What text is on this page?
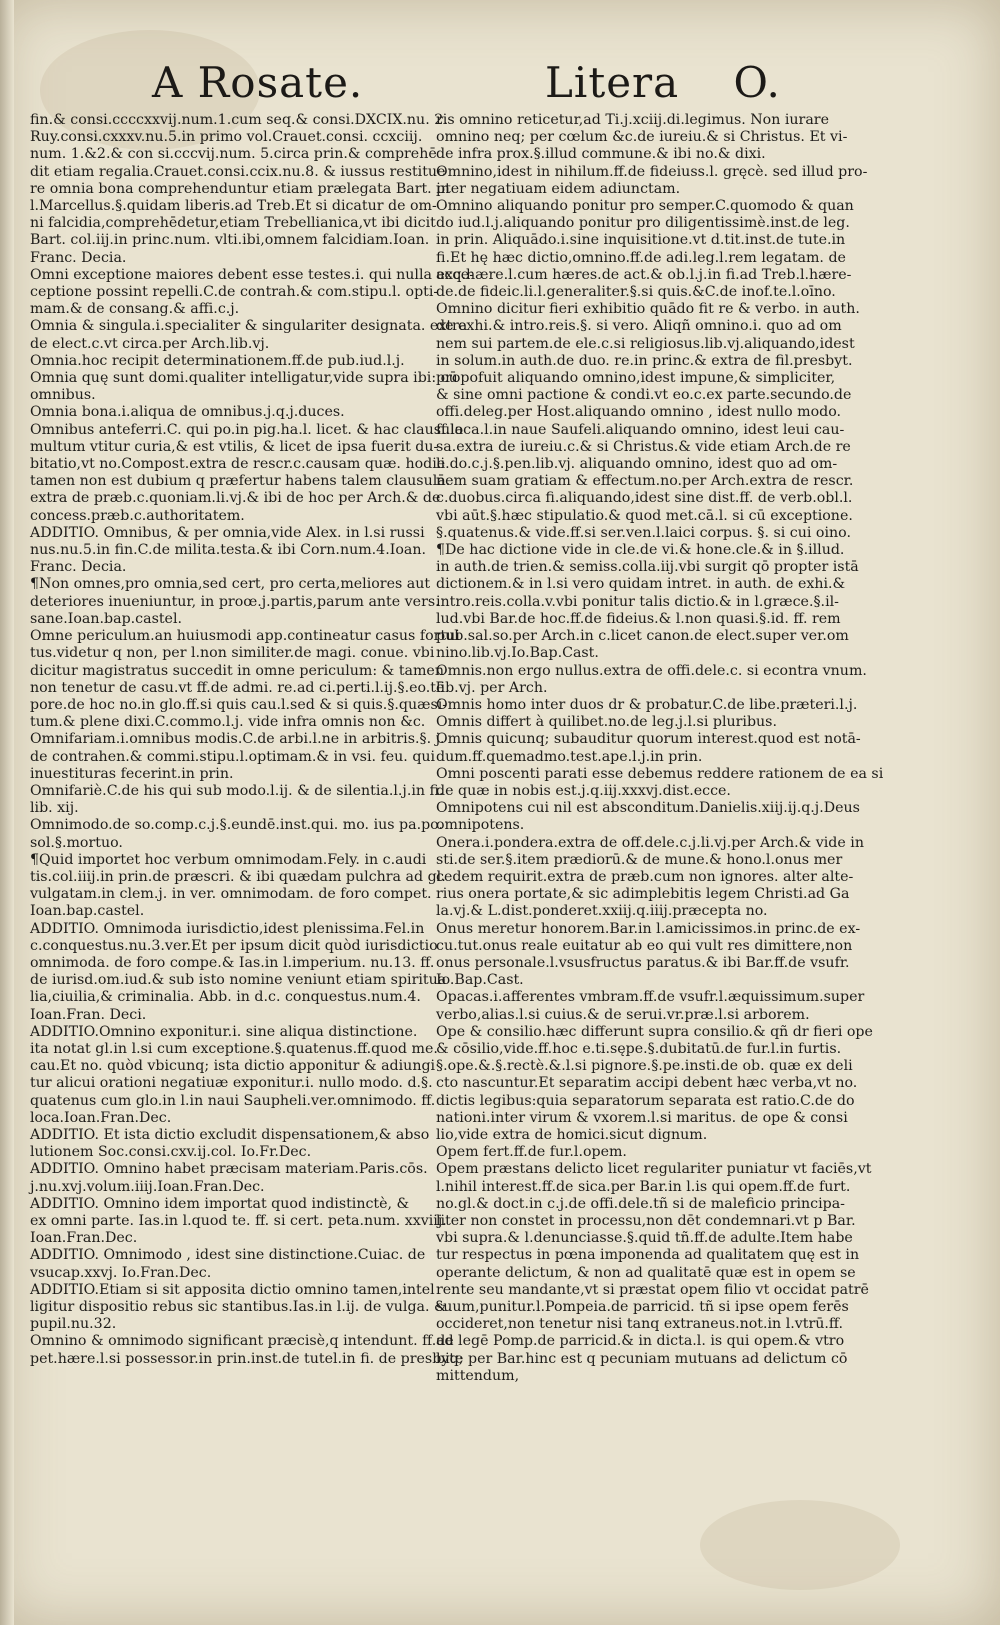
A Rosate.	Litera O.
fin.& consi.ccccxxvij.num.1.cum seq.& consi.DXCIX.nu. 2.
Ruy.consi.cxxxv.nu.5.in primo vol.Crauet.consi. ccxciij.
num. 1.&2.& con si.cccvij.num. 5.circa prin.& comprehē
dit etiam regalia.Crauet.consi.ccix.nu.8. & iussus restitue
re omnia bona comprehenduntur etiam prælegata Bart. in
l.Marcellus.§.quidam liberis.ad Treb.Et si dicatur de om-
ni falcidia,comprehēdetur,etiam Trebellianica,vt ibi dicit
Bart. col.iij.in princ.num. vlti.ibi,omnem falcidiam.Ioan.
Franc. Decia.
Omni exceptione maiores debent esse testes.i. qui nulla exce-
ceptione possint repelli.C.de contrah.& com.stipu.l. opti-
mam.& de consang.& affi.c.j.
Omnia & singula.i.specialiter & singulariter designata. extra
de elect.c.vt circa.per Arch.lib.vj.
Omnia.hoc recipit determinationem.ff.de pub.iud.l.j.
Omnia quę sunt domi.qualiter intelligatur,vide supra ibi: cū
omnibus.
Omnia bona.i.aliqua de omnibus.j.q.j.duces.
Omnibus anteferri.C. qui po.in pig.ha.l. licet. & hac clausula
multum vtitur curia,& est vtilis, & licet de ipsa fuerit du-
bitatio,vt no.Compost.extra de rescr.c.causam quæ. hodie
tamen non est dubium q præfertur habens talem clausulā.
extra de præb.c.quoniam.li.vj.& ibi de hoc per Arch.& de
concess.præb.c.authoritatem.
ADDITIO. Omnibus, & per omnia,vide Alex. in l.si russi
nus.nu.5.in fin.C.de milita.testa.& ibi Corn.num.4.Ioan.
Franc. Decia.
¶Non omnes,pro omnia,sed cert, pro certa,meliores aut
deteriores inueniuntur, in proœ.j.partis,parum ante vers.
sane.Ioan.bap.castel.
Omne periculum.an huiusmodi app.contineatur casus fortui
tus.videtur q non, per l.non similiter.de magi. conue. vbi
dicitur magistratus succedit in omne periculum: & tamen
non tenetur de casu.vt ff.de admi. re.ad ci.perti.l.ij.§.eo.tē
pore.de hoc no.in glo.ff.si quis cau.l.sed & si quis.§.quæsi-
tum.& plene dixi.C.commo.l.j. vide infra omnis non &c.
Omnifariam.i.omnibus modis.C.de arbi.l.ne in arbitris.§. j.
de contrahen.& commi.stipu.l.optimam.& in vsi. feu. qui
inuestituras fecerint.in prin.
Omnifariè.C.de his qui sub modo.l.ij. & de silentia.l.j.in fi.
lib. xij.
Omnimodo.de so.comp.c.j.§.eundē.inst.qui. mo. ius pa.po.
sol.§.mortuo.
¶Quid importet hoc verbum omnimodam.Fely. in c.audi
tis.col.iiij.in prin.de præscri. & ibi quædam pulchra ad gl.
vulgatam.in clem.j. in ver. omnimodam. de foro compet.
Ioan.bap.castel.
ADDITIO. Omnimoda iurisdictio,idest plenissima.Fel.in
c.conquestus.nu.3.ver.Et per ipsum dicit quòd iurisdictio
omnimoda. de foro compe.& Ias.in l.imperium. nu.13. ff.
de iurisd.om.iud.& sub isto nomine veniunt etiam spiritua
lia,ciuilia,& criminalia. Abb. in d.c. conquestus.num.4.
Ioan.Fran. Deci.
ADDITIO.Omnino exponitur.i. sine aliqua distinctione.
ita notat gl.in l.si cum exceptione.§.quatenus.ff.quod me.
cau.Et no. quòd vbicunq; ista dictio apponitur & adiungi
tur alicui orationi negatiuæ exponitur.i. nullo modo. d.§.
quatenus cum glo.in l.in naui Saupheli.ver.omnimodo. ff.
loca.Ioan.Fran.Dec.
ADDITIO. Et ista dictio excludit dispensationem,& abso
lutionem Soc.consi.cxv.ij.col. Io.Fr.Dec.
ADDITIO. Omnino habet præcisam materiam.Paris.cōs.
j.nu.xvj.volum.iiij.Ioan.Fran.Dec.
ADDITIO. Omnino idem importat quod indistinctè, &
ex omni parte. Ias.in l.quod te. ff. si cert. peta.num. xxviij.
Ioan.Fran.Dec.
ADDITIO. Omnimodo , idest sine distinctione.Cuiac. de
vsucap.xxvj. Io.Fran.Dec.
ADDITIO.Etiam si sit apposita dictio omnino tamen,intel
ligitur dispositio rebus sic stantibus.Ias.in l.ij. de vulga. &
pupil.nu.32.
Omnino & omnimodo significant præcisè,q intendunt. ff.de
pet.hære.l.si possessor.in prin.inst.de tutel.in fi. de presbyte
ris omnino reticetur,ad Ti.j.xciij.di.legimus. Non iurare
omnino neq; per cœlum &c.de iureiu.& si Christus. Et vi-
de infra prox.§.illud commune.& ibi no.& dixi.
Omnino,idest in nihilum.ff.de fideiuss.l. gręcè. sed illud pro-
pter negatiuam eidem adiunctam.
Omnino aliquando ponitur pro semper.C.quomodo & quan
do iud.l.j.aliquando ponitur pro diligentissimè.inst.de leg.
in prin. Aliquādo.i.sine inquisitione.vt d.tit.inst.de tute.in
fi.Et hę hæc dictio,omnino.ff.de adi.leg.l.rem legatam. de
acq.hære.l.cum hæres.de act.& ob.l.j.in fi.ad Treb.l.hære-
de.de fideic.li.l.generaliter.§.si quis.&C.de inof.te.l.oīno.
Omnino dicitur fieri exhibitio quādo fit re & verbo. in auth.
de exhi.& intro.reis.§. si vero. Aliqñ omnino.i. quo ad om
nem sui partem.de ele.c.si religiosus.lib.vj.aliquando,idest
in solum.in auth.de duo. re.in princ.& extra de fil.presbyt.
propofuit aliquando omnino,idest impune,& simpliciter,
& sine omni pactione & condi.vt eo.c.ex parte.secundo.de
offi.deleg.per Host.aliquando omnino , idest nullo modo.
ff.loca.l.in naue Saufeli.aliquando omnino, idest leui cau-
sa.extra de iureiu.c.& si Christus.& vide etiam Arch.de re
li.do.c.j.§.pen.lib.vj. aliquando omnino, idest quo ad om-
nem suam gratiam & effectum.no.per Arch.extra de rescr.
c.duobus.circa fi.aliquando,idest sine dist.ff. de verb.obl.l.
vbi aūt.§.hæc stipulatio.& quod met.cā.l. si cū exceptione.
§.quatenus.& vide.ff.si ser.ven.l.laici corpus. §. si cui oino.
¶De hac dictione vide in cle.de vi.& hone.cle.& in §.illud.
in auth.de trien.& semiss.colla.iij.vbi surgit qō propter istā
dictionem.& in l.si vero quidam intret. in auth. de exhi.&
intro.reis.colla.v.vbi ponitur talis dictio.& in l.græce.§.il-
lud.vbi Bar.de hoc.ff.de fideius.& l.non quasi.§.id. ff. rem
pub.sal.so.per Arch.in c.licet canon.de elect.super ver.om
nino.lib.vj.Io.Bap.Cast.
Omnis.non ergo nullus.extra de offi.dele.c. si econtra vnum.
lib.vj. per Arch.
Omnis homo inter duos dr & probatur.C.de libe.præteri.l.j.
Omnis differt à quilibet.no.de leg.j.l.si pluribus.
Omnis quicunq; subauditur quorum interest.quod est notā-
dum.ff.quemadmo.test.ape.l.j.in prin.
Omni poscenti parati esse debemus reddere rationem de ea si
de quæ in nobis est.j.q.iij.xxxvj.dist.ecce.
Omnipotens cui nil est absconditum.Danielis.xiij.ij.q.j.Deus
omnipotens.
Onera.i.pondera.extra de off.dele.c.j.li.vj.per Arch.& vide in
sti.de ser.§.item prædiorū.& de mune.& hono.l.onus mer
cedem requirit.extra de præb.cum non ignores. alter alte-
rius onera portate,& sic adimplebitis legem Christi.ad Ga
la.vj.& L.dist.ponderet.xxiij.q.iiij.præcepta no.
Onus meretur honorem.Bar.in l.amicissimos.in princ.de ex-
cu.tut.onus reale euitatur ab eo qui vult res dimittere,non
onus personale.l.vsusfructus paratus.& ibi Bar.ff.de vsufr.
Io.Bap.Cast.
Opacas.i.afferentes vmbram.ff.de vsufr.l.æquissimum.super
verbo,alias.l.si cuius.& de serui.vr.præ.l.si arborem.
Ope & consilio.hæc differunt supra consilio.& qñ dr fieri ope
& cōsilio,vide.ff.hoc e.ti.sępe.§.dubitatū.de fur.l.in furtis.
§.ope.&.§.rectè.&.l.si pignore.§.pe.insti.de ob. quæ ex deli
cto nascuntur.Et separatim accipi debent hæc verba,vt no.
dictis legibus:quia separatorum separata est ratio.C.de do
nationi.inter virum & vxorem.l.si maritus. de ope & consi
lio,vide extra de homici.sicut dignum.
Opem fert.ff.de fur.l.opem.
Opem præstans delicto licet regulariter puniatur vt faciēs,vt
l.nihil interest.ff.de sica.per Bar.in l.is qui opem.ff.de furt.
no.gl.& doct.in c.j.de offi.dele.tñ si de maleficio principa-
liter non constet in processu,non dēt condemnari.vt p Bar.
vbi supra.& l.denunciasse.§.quid tñ.ff.de adulte.Item habe
tur respectus in pœna imponenda ad qualitatem quę est in
operante delictum, & non ad qualitatē quæ est in opem se
rente seu mandante,vt si præstat opem filio vt occidat patrē
suum,punitur.l.Pompeia.de parricid. tñ si ipse opem ferēs
occideret,non tenetur nisi tanq extraneus.not.in l.vtrū.ff.
ad legē Pomp.de parricid.& in dicta.l. is qui opem.& vtro
biq; per Bar.hinc est q pecuniam mutuans ad delictum cō
mittendum,
